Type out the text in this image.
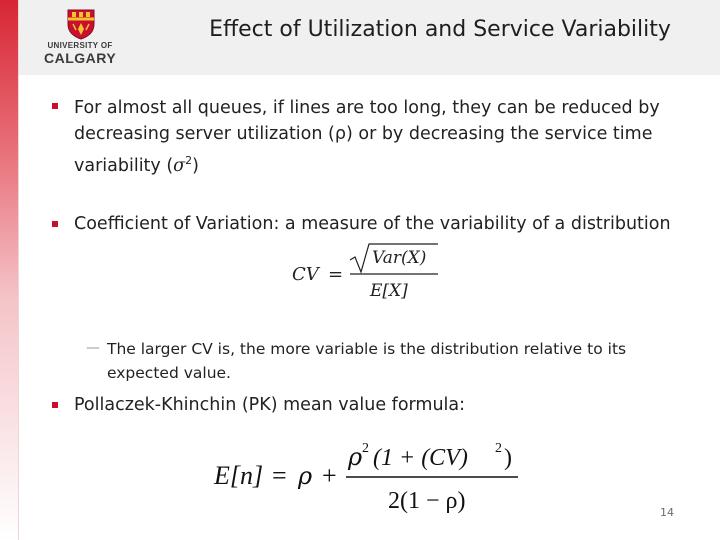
UNIVERSITY OF
CALGARY
Effect of Utilization and Service Variability
For almost all queues, if lines are too long, they can be reduced by
decreasing server utilization (ρ) or by decreasing the service time
variability $(\sigma^2)$
Coefficient of Variation: a measure of the variability of a distribution
CV =
Var(X)
E[X]
— The larger CV is, the more variable is the distribution relative to its
expected value.
Pollaczek-Khinchin (PK) mean value formula:
E[n] = ρ +
ρ 2 (1 + (CV) 2 )
2(1 − ρ)	14
